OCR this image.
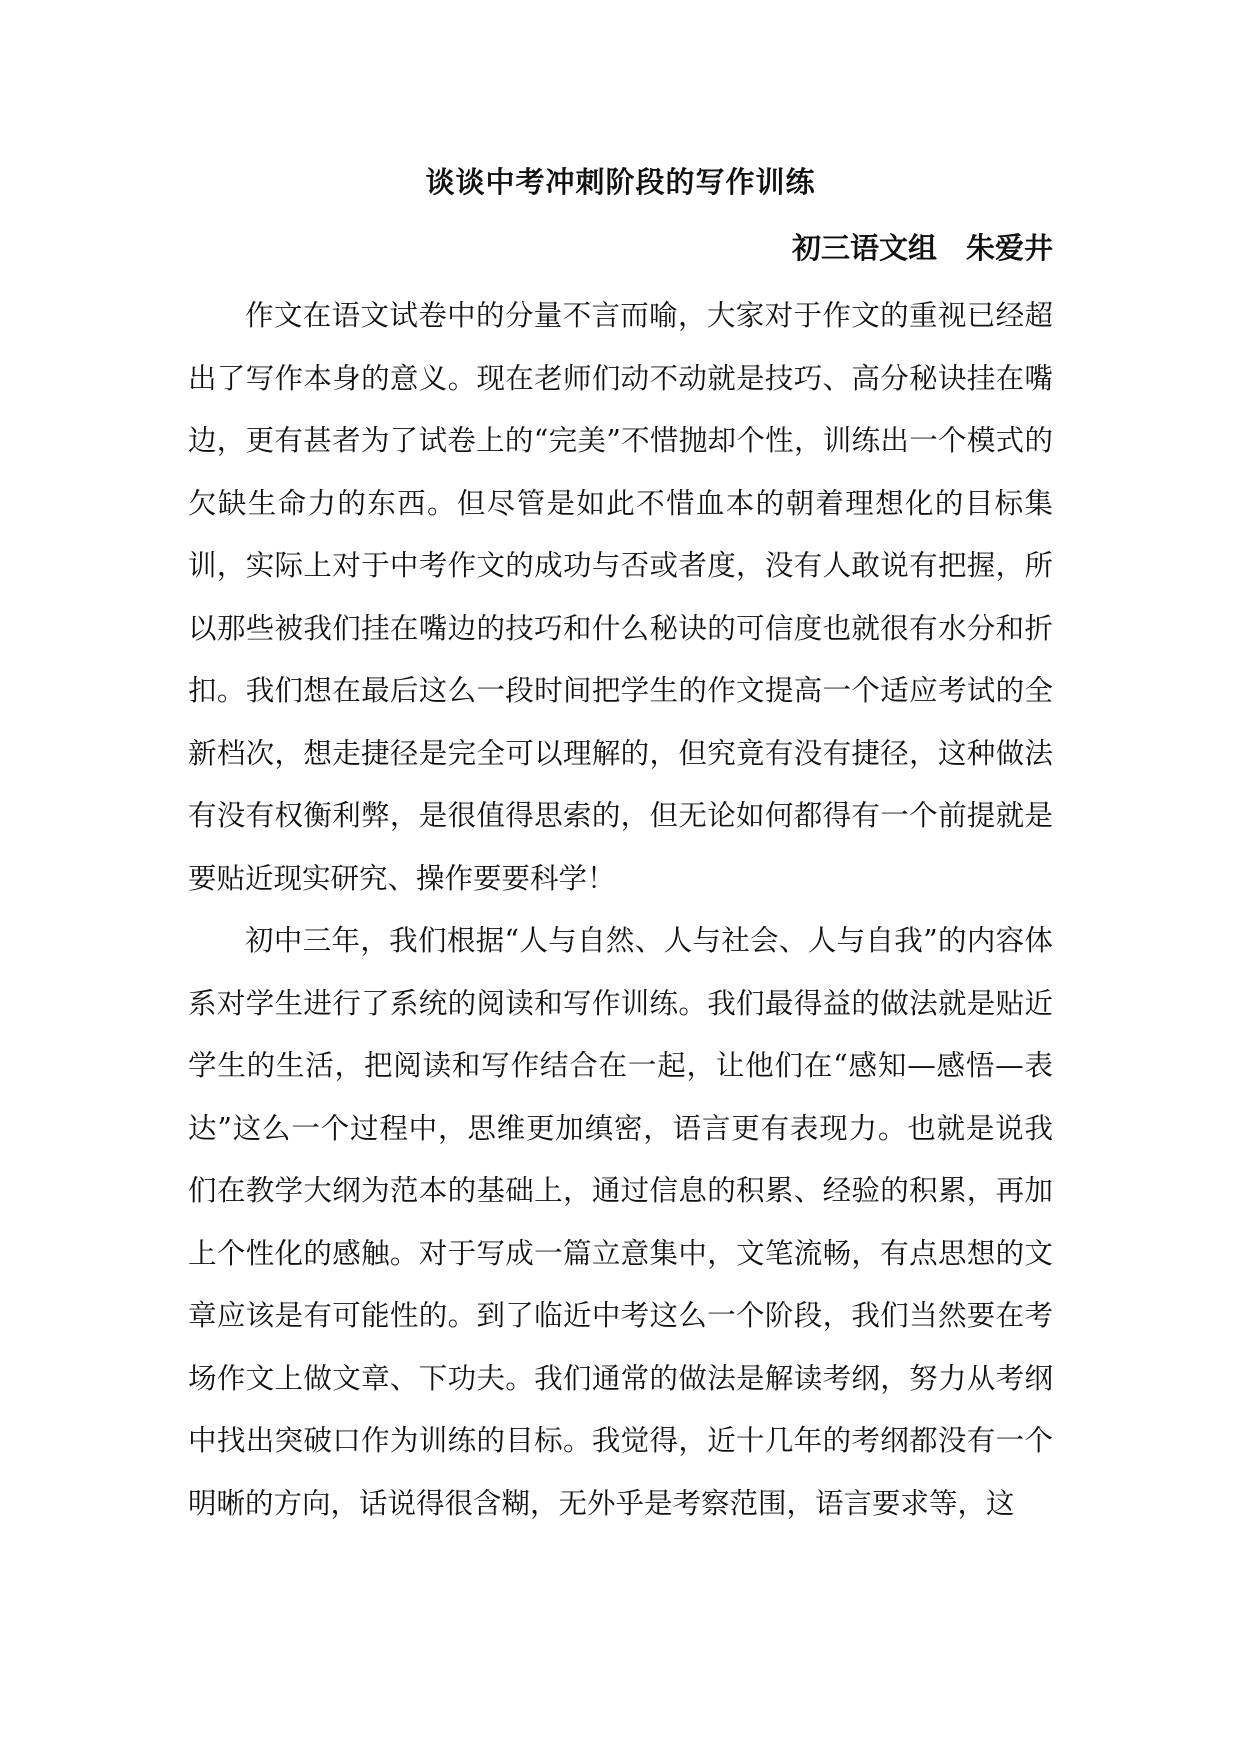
谈谈中考冲刺阶段的写作训练
初三语文组　朱爱井

作文在语文试卷中的分量不言而喻，大家对于作文的重视已经超出了写作本身的意义。现在老师们动不动就是技巧、高分秘诀挂在嘴边，更有甚者为了试卷上的“完美”不惜抛却个性，训练出一个模式的欠缺生命力的东西。但尽管是如此不惜血本的朝着理想化的目标集训，实际上对于中考作文的成功与否或者度，没有人敢说有把握，所以那些被我们挂在嘴边的技巧和什么秘诀的可信度也就很有水分和折扣。我们想在最后这么一段时间把学生的作文提高一个适应考试的全新档次，想走捷径是完全可以理解的，但究竟有没有捷径，这种做法有没有权衡利弊，是很值得思索的，但无论如何都得有一个前提就是要贴近现实研究、操作要要科学！

初中三年，我们根据“人与自然、人与社会、人与自我”的内容体系对学生进行了系统的阅读和写作训练。我们最得益的做法就是贴近学生的生活，把阅读和写作结合在一起，让他们在“感知—感悟—表达”这么一个过程中，思维更加缜密，语言更有表现力。也就是说我们在教学大纲为范本的基础上，通过信息的积累、经验的积累，再加上个性化的感触。对于写成一篇立意集中，文笔流畅，有点思想的文章应该是有可能性的。到了临近中考这么一个阶段，我们当然要在考场作文上做文章、下功夫。我们通常的做法是解读考纲，努力从考纲中找出突破口作为训练的目标。我觉得，近十几年的考纲都没有一个明晰的方向，话说得很含糊，无外乎是考察范围，语言要求等，这
